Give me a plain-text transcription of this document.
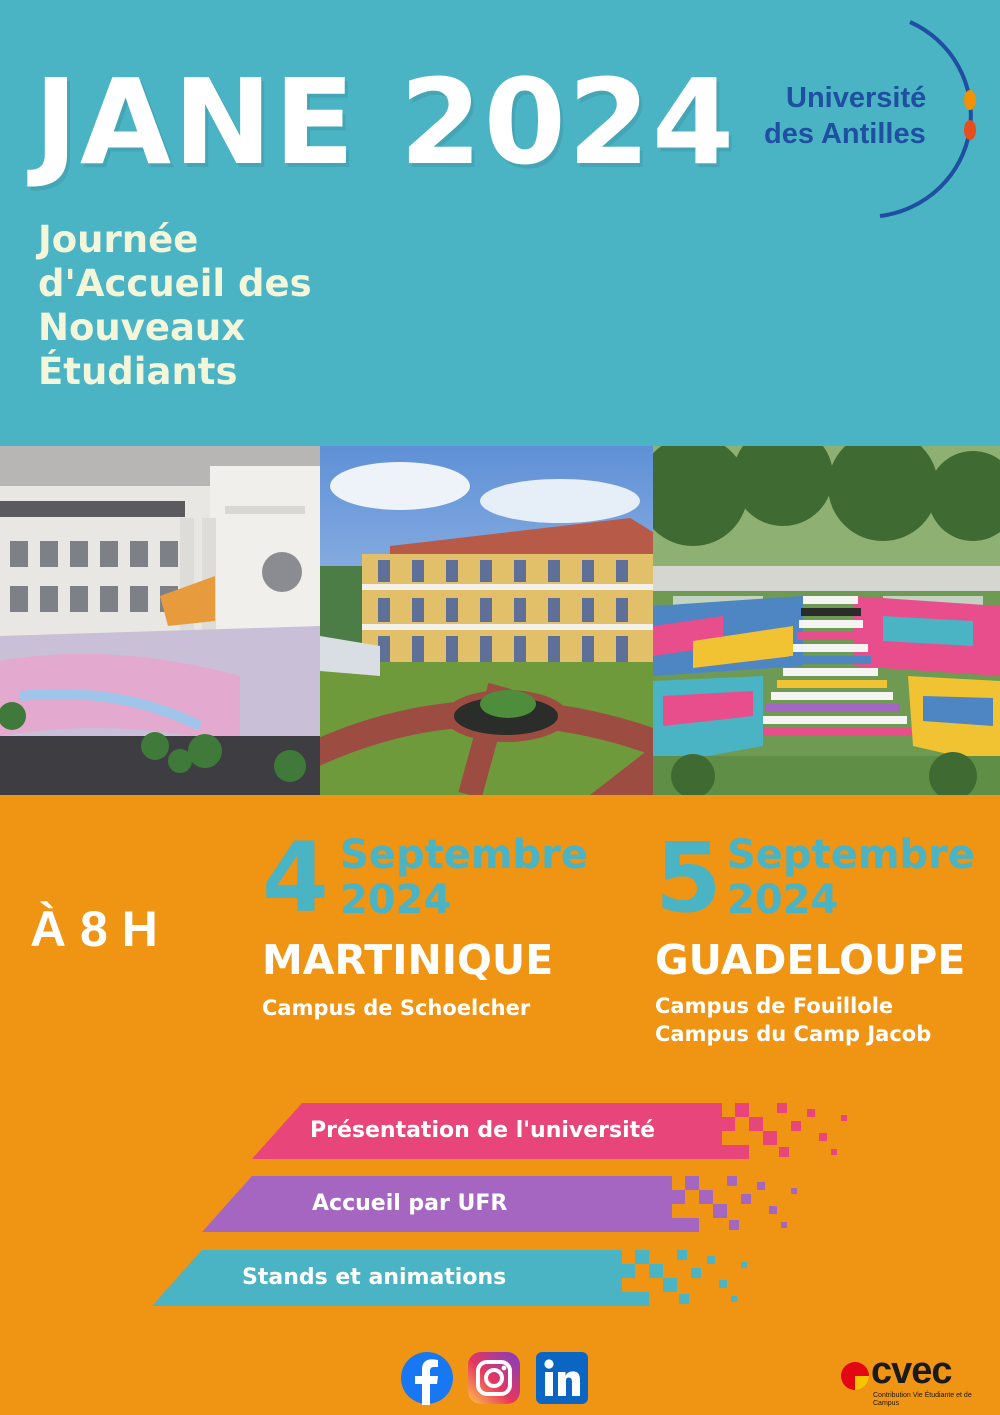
JANE 2024
Journée
d'Accueil des
Nouveaux
Étudiants
Université
des Antilles
À 8 H 4 Septembre
2024
MARTINIQUE
Campus de Schoelcher
5 Septembre
2024
GUADELOUPE
Campus de Fouillole
Campus du Camp Jacob
Présentation de l'université
Accueil par UFR
Stands et animations
cvec
Contribution Vie Étudiante et de Campus
